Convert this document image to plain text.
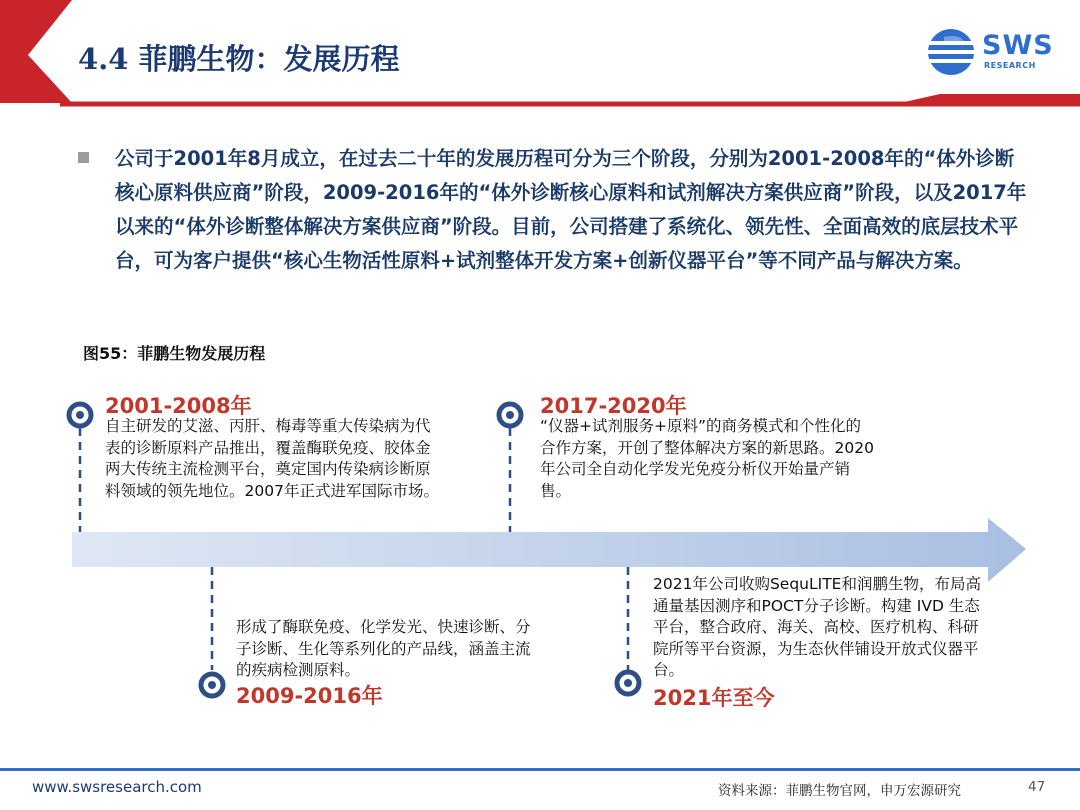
4.4 菲鹏生物：发展历程	SWS
RESEARCH
公司于2001年8月成立，在过去二十年的发展历程可分为三个阶段，分别为2001-2008年的“体外诊断核心原料供应商”阶段，2009-2016年的“体外诊断核心原料和试剂解决方案供应商”阶段，以及2017年以来的“体外诊断整体解决方案供应商”阶段。目前，公司搭建了系统化、领先性、全面高效的底层技术平台，可为客户提供“核心生物活性原料+试剂整体开发方案+创新仪器平台”等不同产品与解决方案。
图55：菲鹏生物发展历程
2001-2008年
自主研发的艾滋、丙肝、梅毒等重大传染病为代表的诊断原料产品推出，覆盖酶联免疫、胶体金两大传统主流检测平台，奠定国内传染病诊断原料领域的领先地位。2007年正式进军国际市场。
2017-2020年
“仪器+试剂服务+原料”的商务模式和个性化的合作方案，开创了整体解决方案的新思路。2020年公司全自动化学发光免疫分析仪开始量产销售。
形成了酶联免疫、化学发光、快速诊断、分子诊断、生化等系列化的产品线，涵盖主流的疾病检测原料。
2009-2016年
2021年公司收购SequLITE和润鹏生物，布局高通量基因测序和POCT分子诊断。构建 IVD 生态平台，整合政府、海关、高校、医疗机构、科研院所等平台资源，为生态伙伴铺设开放式仪器平台。
2021年至今
www.swsresearch.com	资料来源：菲鹏生物官网，申万宏源研究	47
